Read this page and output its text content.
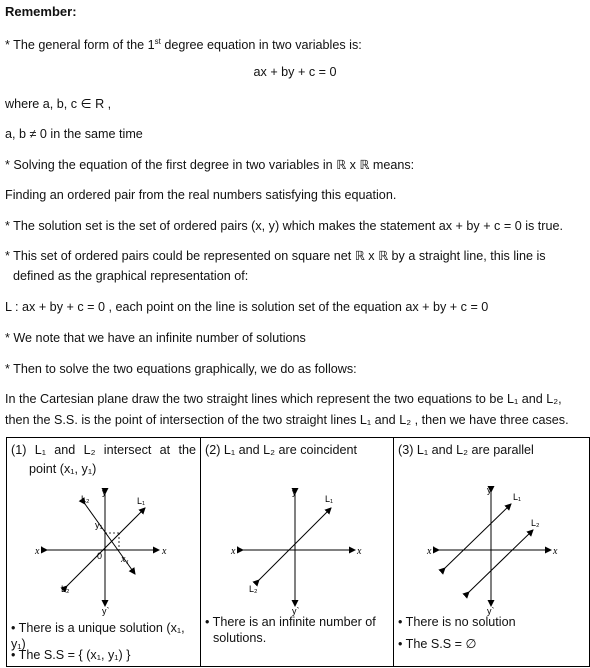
Remember:
* The general form of the 1st degree equation in two variables is:
ax + by + c = 0
where a, b, c ∈ R ,
a, b ≠ 0 in the same time
* Solving the equation of the first degree in two variables in ℝ x ℝ means:
Finding an ordered pair from the real numbers satisfying this equation.
* The solution set is the set of ordered pairs (x, y) which makes the statement ax + by + c = 0 is true.
* This set of ordered pairs could be represented on square net ℝ x ℝ by a straight line, this line is
defined as the graphical representation of:
L : ax + by + c = 0 , each point on the line is solution set of the equation ax + by + c = 0
* We note that we have an infinite number of solutions
* Then to solve the two equations graphically, we do as follows:
In the Cartesian plane draw the two straight lines which represent the two equations to be L₁ and L₂,
then the S.S. is the point of intersection of the two straight lines L₁ and L₂ , then we have three cases.
(1) L₁ and L₂ intersect at the
point (x₁, y₁)
x
x`
y
y`
0
L₁
L₂
L₂
y₁
x₁
• There is a unique solution (x₁, y₁)
• The S.S = { (x₁, y₁) }

(2) L₁ and L₂ are coincident
x
x`
y
y`
L₁
L₂
• There is an infinite number of
solutions.

(3) L₁ and L₂ are parallel
x
x`
y
y`
L₁
L₂
• There is no solution
• The S.S = ∅
